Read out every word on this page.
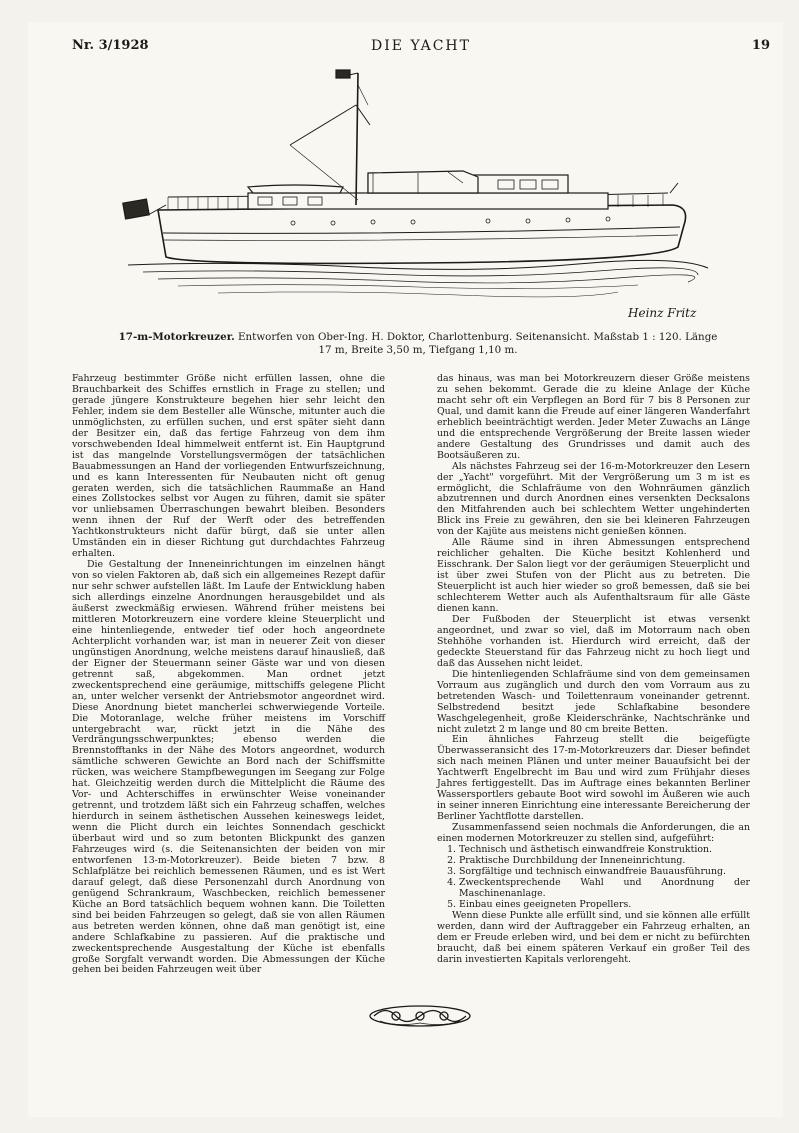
Nr. 3/1928	DIE YACHT	19
Heinz Fritz
17-m-Motorkreuzer. Entworfen von Ober-Ing. H. Doktor, Charlottenburg. Seitenansicht. Maßstab 1 : 120. Länge 17 m, Breite 3,50 m, Tiefgang 1,10 m.

Fahrzeug bestimmter Größe nicht erfüllen lassen, ohne die Brauchbarkeit des Schiffes ernstlich in Frage zu stellen; und gerade jüngere Konstrukteure begehen hier sehr leicht den Fehler, indem sie dem Besteller alle Wünsche, mitunter auch die unmöglichsten, zu erfüllen suchen, und erst später sieht dann der Besitzer ein, daß das fertige Fahrzeug von dem ihm vorschwebenden Ideal himmelweit entfernt ist. Ein Hauptgrund ist das mangelnde Vorstellungsvermögen der tatsächlichen Bauabmessungen an Hand der vorliegenden Entwurfszeichnung, und es kann Interessenten für Neubauten nicht oft genug geraten werden, sich die tatsächlichen Raummaße an Hand eines Zollstockes selbst vor Augen zu führen, damit sie später vor unliebsamen Überraschungen bewahrt bleiben. Besonders wenn ihnen der Ruf der Werft oder des betreffenden Yachtkonstrukteurs nicht dafür bürgt, daß sie unter allen Umständen ein in dieser Richtung gut durchdachtes Fahrzeug erhalten.

Die Gestaltung der Inneneinrichtungen im einzelnen hängt von so vielen Faktoren ab, daß sich ein allgemeines Rezept dafür nur sehr schwer aufstellen läßt. Im Laufe der Entwicklung haben sich allerdings einzelne Anordnungen herausgebildet und als äußerst zweckmäßig erwiesen. Während früher meistens bei mittleren Motorkreuzern eine vordere kleine Steuerplicht und eine hintenliegende, entweder tief oder hoch angeordnete Achterplicht vorhanden war, ist man in neuerer Zeit von dieser ungünstigen Anordnung, welche meistens darauf hinausließ, daß der Eigner der Steuermann seiner Gäste war und von diesen getrennt saß, abgekommen. Man ordnet jetzt zweckentsprechend eine geräumige, mittschiffs gelegene Plicht an, unter welcher versenkt der Antriebsmotor angeordnet wird. Diese Anordnung bietet mancherlei schwerwiegende Vorteile. Die Motoranlage, welche früher meistens im Vorschiff untergebracht war, rückt jetzt in die Nähe des Verdrängungsschwerpunktes; ebenso werden die Brennstofftanks in der Nähe des Motors angeordnet, wodurch sämtliche schweren Gewichte an Bord nach der Schiffsmitte rücken, was weichere Stampfbewegungen im Seegang zur Folge hat. Gleichzeitig werden durch die Mittelplicht die Räume des Vor- und Achterschiffes in erwünschter Weise voneinander getrennt, und trotzdem läßt sich ein Fahrzeug schaffen, welches hierdurch in seinem ästhetischen Aussehen keineswegs leidet, wenn die Plicht durch ein leichtes Sonnendach geschickt überbaut wird und so zum betonten Blickpunkt des ganzen Fahrzeuges wird (s. die Seitenansichten der beiden von mir entworfenen 13-m-Motorkreuzer). Beide bieten 7 bzw. 8 Schlafplätze bei reichlich bemessenen Räumen, und es ist Wert darauf gelegt, daß diese Personenzahl durch Anordnung von genügend Schrankraum, Waschbecken, reichlich bemessener Küche an Bord tatsächlich bequem wohnen kann. Die Toiletten sind bei beiden Fahrzeugen so gelegt, daß sie von allen Räumen aus betreten werden können, ohne daß man genötigt ist, eine andere Schlafkabine zu passieren. Auf die praktische und zweckentsprechende Ausgestaltung der Küche ist ebenfalls große Sorgfalt verwandt worden. Die Abmessungen der Küche gehen bei beiden Fahrzeugen weit über

das hinaus, was man bei Motorkreuzern dieser Größe meistens zu sehen bekommt. Gerade die zu kleine Anlage der Küche macht sehr oft ein Verpflegen an Bord für 7 bis 8 Personen zur Qual, und damit kann die Freude auf einer längeren Wanderfahrt erheblich beeinträchtigt werden. Jeder Meter Zuwachs an Länge und die entsprechende Vergrößerung der Breite lassen wieder andere Gestaltung des Grundrisses und damit auch des Bootsäußeren zu.

Als nächstes Fahrzeug sei der 16-m-Motorkreuzer den Lesern der „Yacht" vorgeführt. Mit der Vergrößerung um 3 m ist es ermöglicht, die Schlafräume von den Wohnräumen gänzlich abzutrennen und durch Anordnen eines versenkten Decksalons den Mitfahrenden auch bei schlechtem Wetter ungehinderten Blick ins Freie zu gewähren, den sie bei kleineren Fahrzeugen von der Kajüte aus meistens nicht genießen können.

Alle Räume sind in ihren Abmessungen entsprechend reichlicher gehalten. Die Küche besitzt Kohlenherd und Eisschrank. Der Salon liegt vor der geräumigen Steuerplicht und ist über zwei Stufen von der Plicht aus zu betreten. Die Steuerplicht ist auch hier wieder so groß bemessen, daß sie bei schlechterem Wetter auch als Aufenthaltsraum für alle Gäste dienen kann.

Der Fußboden der Steuerplicht ist etwas versenkt angeordnet, und zwar so viel, daß im Motorraum nach oben Stehhöhe vorhanden ist. Hierdurch wird erreicht, daß der gedeckte Steuerstand für das Fahrzeug nicht zu hoch liegt und daß das Aussehen nicht leidet.

Die hintenliegenden Schlafräume sind von dem gemeinsamen Vorraum aus zugänglich und durch den vom Vorraum aus zu betretenden Wasch- und Toilettenraum voneinander getrennt. Selbstredend besitzt jede Schlafkabine besondere Waschgelegenheit, große Kleiderschränke, Nachtschränke und nicht zuletzt 2 m lange und 80 cm breite Betten.

Ein ähnliches Fahrzeug stellt die beigefügte Überwasseransicht des 17-m-Motorkreuzers dar. Dieser befindet sich nach meinen Plänen und unter meiner Bauaufsicht bei der Yachtwerft Engelbrecht im Bau und wird zum Frühjahr dieses Jahres fertiggestellt. Das im Auftrage eines bekannten Berliner Wassersportlers gebaute Boot wird sowohl im Äußeren wie auch in seiner inneren Einrichtung eine interessante Bereicherung der Berliner Yachtflotte darstellen.

Zusammenfassend seien nochmals die Anforderungen, die an einen modernen Motorkreuzer zu stellen sind, aufgeführt:

1. Technisch und ästhetisch einwandfreie Konstruktion.
2. Praktische Durchbildung der Inneneinrichtung.
3. Sorgfältige und technisch einwandfreie Bauausführung.
4. Zweckentsprechende Wahl und Anordnung der Maschinenanlage.
5. Einbau eines geeigneten Propellers.

Wenn diese Punkte alle erfüllt sind, und sie können alle erfüllt werden, dann wird der Auftraggeber ein Fahrzeug erhalten, an dem er Freude erleben wird, und bei dem er nicht zu befürchten braucht, daß bei einem späteren Verkauf ein großer Teil des darin investierten Kapitals verlorengeht.
